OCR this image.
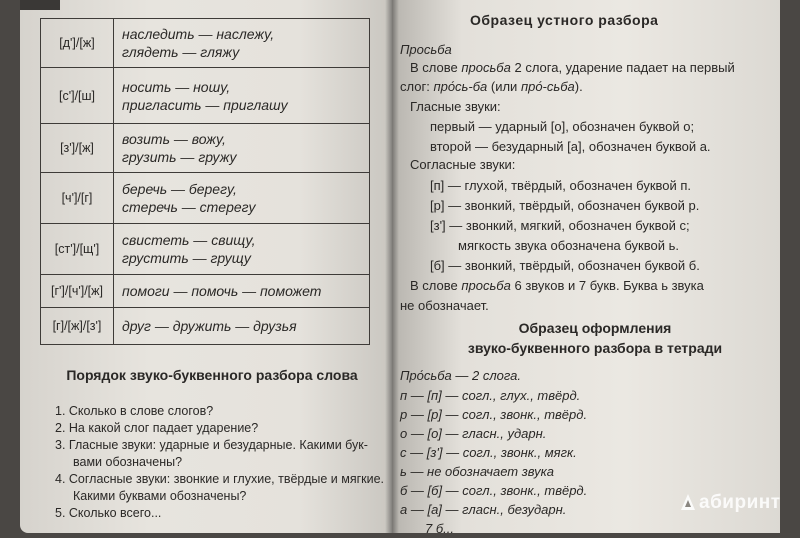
[д']/[ж]	наследить — наслежу,
глядеть — гляжу

[с']/[ш]	носить — ношу,
пригласить — приглашу

[з']/[ж]	возить — вожу,
грузить — гружу

[ч']/[г]	беречь — берегу,
стеречь — стерегу

[ст']/[щ']	свистеть — свищу,
грустить — грущу

[г']/[ч']/[ж]	помоги — помочь — поможет

[г]/[ж]/[з']	друг — дружить — друзья
Порядок звуко-буквенного разбора слова
1. Сколько в слове слогов?
2. На какой слог падает ударение?
3. Гласные звуки: ударные и безударные. Какими бук-
вами обозначены?
4. Согласные звуки: звонкие и глухие, твёрдые и мягкие.
Какими буквами обозначены?
5. Сколько всего...
Образец устного разбора
Просьба
В слове просьба 2 слога, ударение падает на первый
слог: про́сь-ба (или про́-сьба).
Гласные звуки:
первый — ударный [о], обозначен буквой о;
второй — безударный [а], обозначен буквой а.
Согласные звуки:
[п] — глухой, твёрдый, обозначен буквой п.
[р] — звонкий, твёрдый, обозначен буквой р.
[з'] — звонкий, мягкий, обозначен буквой с;
мягкость звука обозначена буквой ь.
[б] — звонкий, твёрдый, обозначен буквой б.
В слове просьба 6 звуков и 7 букв. Буква ь звука
не обозначает.
Образец оформления
звуко-буквенного разбора в тетради
Про́сьба — 2 слога.
п — [п] — согл., глух., твёрд.
р — [р] — согл., звонк., твёрд.
о — [о] — гласн., ударн.
с — [з'] — согл., звонк., мягк.
ь — не обозначает звука
б — [б] — согл., звонк., твёрд.
а — [а] — гласн., безударн.
7 б...
абиринт
